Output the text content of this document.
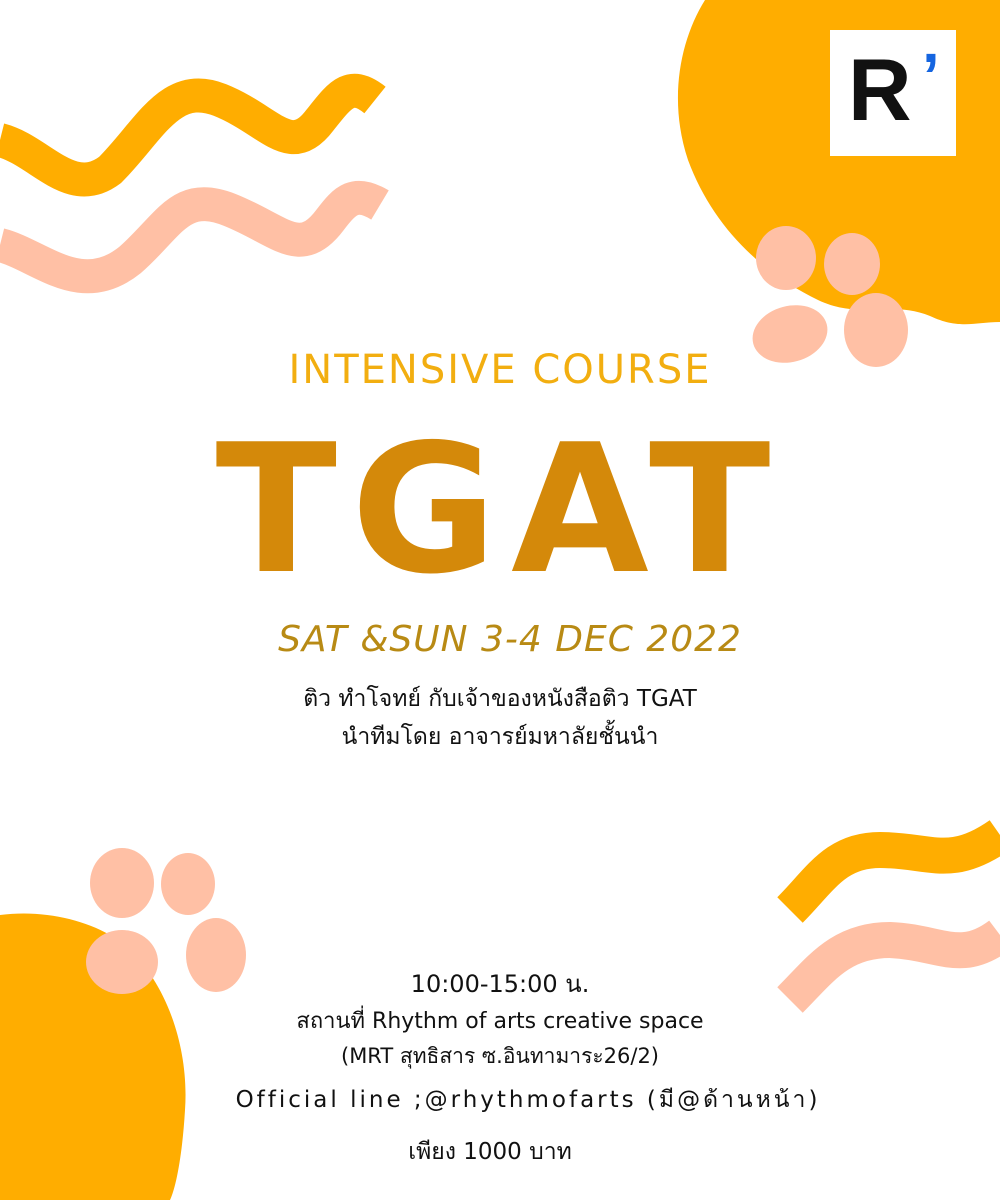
R ’
INTENSIVE COURSE
TGAT
SAT &SUN 3-4 DEC 2022
ติว ทำโจทย์ กับเจ้าของหนังสือติว TGAT
นำทีมโดย อาจารย์มหาลัยชั้นนำ
10:00-15:00 น.
สถานที่ Rhythm of arts creative space
(MRT สุทธิสาร ซ.อินทามาระ26/2)
Official line ;@rhythmofarts (มี@ด้านหน้า)
เพียง 1000 บาท
